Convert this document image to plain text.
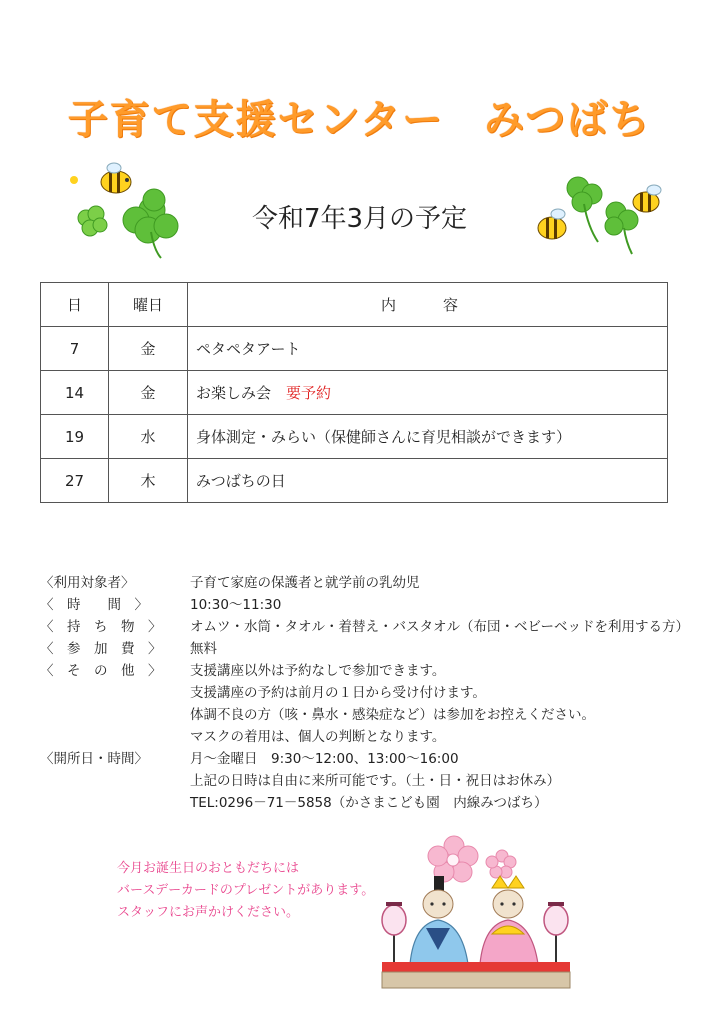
子育て支援センター みつばち
令和7年3月の予定
日	曜日	内　容
7	金	ペタペタアート
14	金	お楽しみ会　要予約
19	水	身体測定・みらい（保健師さんに育児相談ができます）
27	木	みつばちの日
〈利用対象者〉	子育て家庭の保護者と就学前の乳幼児
〈　時　　間　〉	10:30〜11:30
〈　持　ち　物　〉	オムツ・水筒・タオル・着替え・バスタオル（布団・ベビーベッドを利用する方）
〈　参　加　費　〉	無料
〈　そ　の　他　〉	支援講座以外は予約なしで参加できます。
支援講座の予約は前月の１日から受け付けます。
体調不良の方（咳・鼻水・感染症など）は参加をお控えください。
マスクの着用は、個人の判断となります。
〈開所日・時間〉	月〜金曜日　9:30〜12:00、13:00〜16:00
上記の日時は自由に来所可能です。（土・日・祝日はお休み）
TEL:0296－71－5858（かさまこども園　内線みつばち）
今月お誕生日のおともだちには
バースデーカードのプレゼントがあります。
スタッフにお声かけください。
